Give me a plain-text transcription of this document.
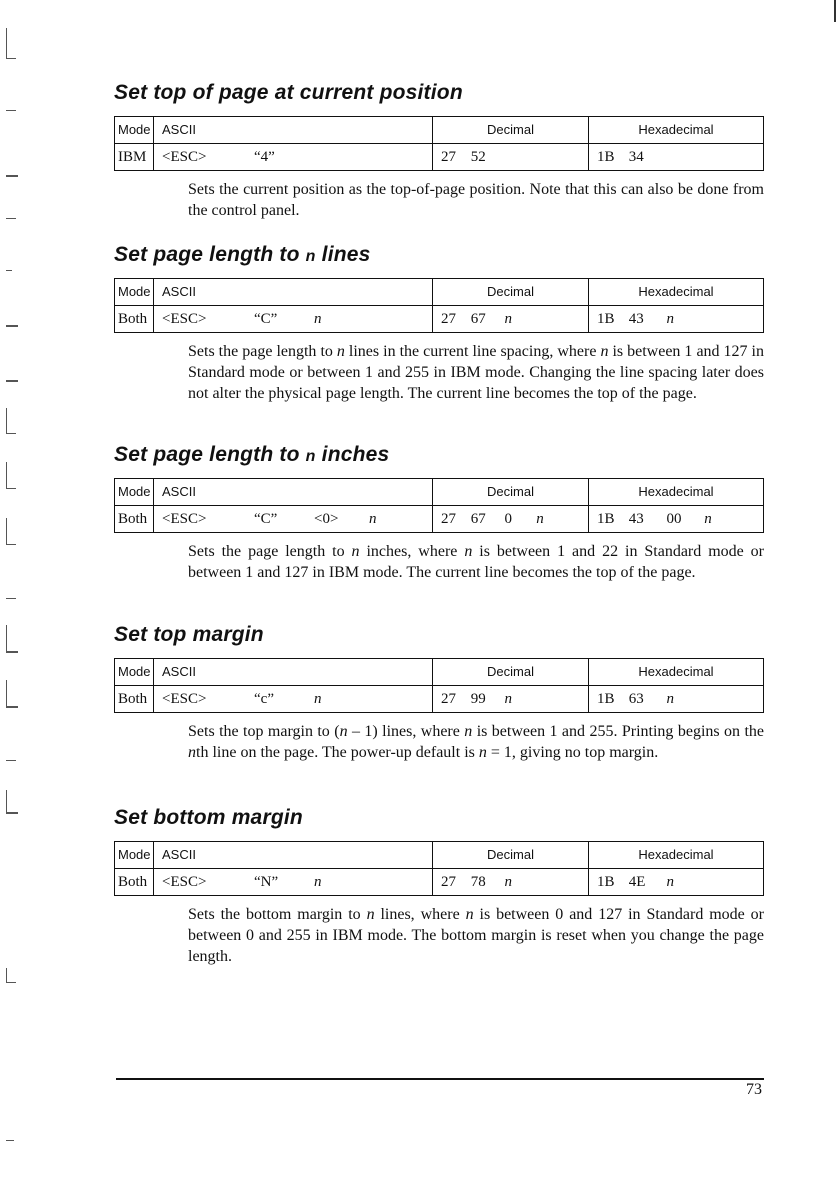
Set top of page at current position
Mode	ASCII	Decimal	Hexadecimal
IBM	<ESC> “4”	27 52	1B 34

Sets the current position as the top-of-page position. Note that this can also be done from the control panel.

Set page length to n lines
Mode	ASCII	Decimal	Hexadecimal
Both	<ESC> “C” n	27 67 n	1B 43 n

Sets the page length to n lines in the current line spacing, where n is between 1 and 127 in Standard mode or between 1 and 255 in IBM mode. Changing the line spacing later does not alter the physical page length. The current line becomes the top of the page.

Set page length to n inches
Mode	ASCII	Decimal	Hexadecimal
Both	<ESC> “C” <0> n	27 67 0 n	1B 43 00 n

Sets the page length to n inches, where n is between 1 and 22 in Standard mode or between 1 and 127 in IBM mode. The current line becomes the top of the page.

Set top margin
Mode	ASCII	Decimal	Hexadecimal
Both	<ESC> “c” n	27 99 n	1B 63 n

Sets the top margin to (n – 1) lines, where n is between 1 and 255. Printing begins on the nth line on the page. The power-up default is n = 1, giving no top margin.

Set bottom margin
Mode	ASCII	Decimal	Hexadecimal
Both	<ESC> “N” n	27 78 n	1B 4E n

Sets the bottom margin to n lines, where n is between 0 and 127 in Standard mode or between 0 and 255 in IBM mode. The bottom margin is reset when you change the page length.

73
